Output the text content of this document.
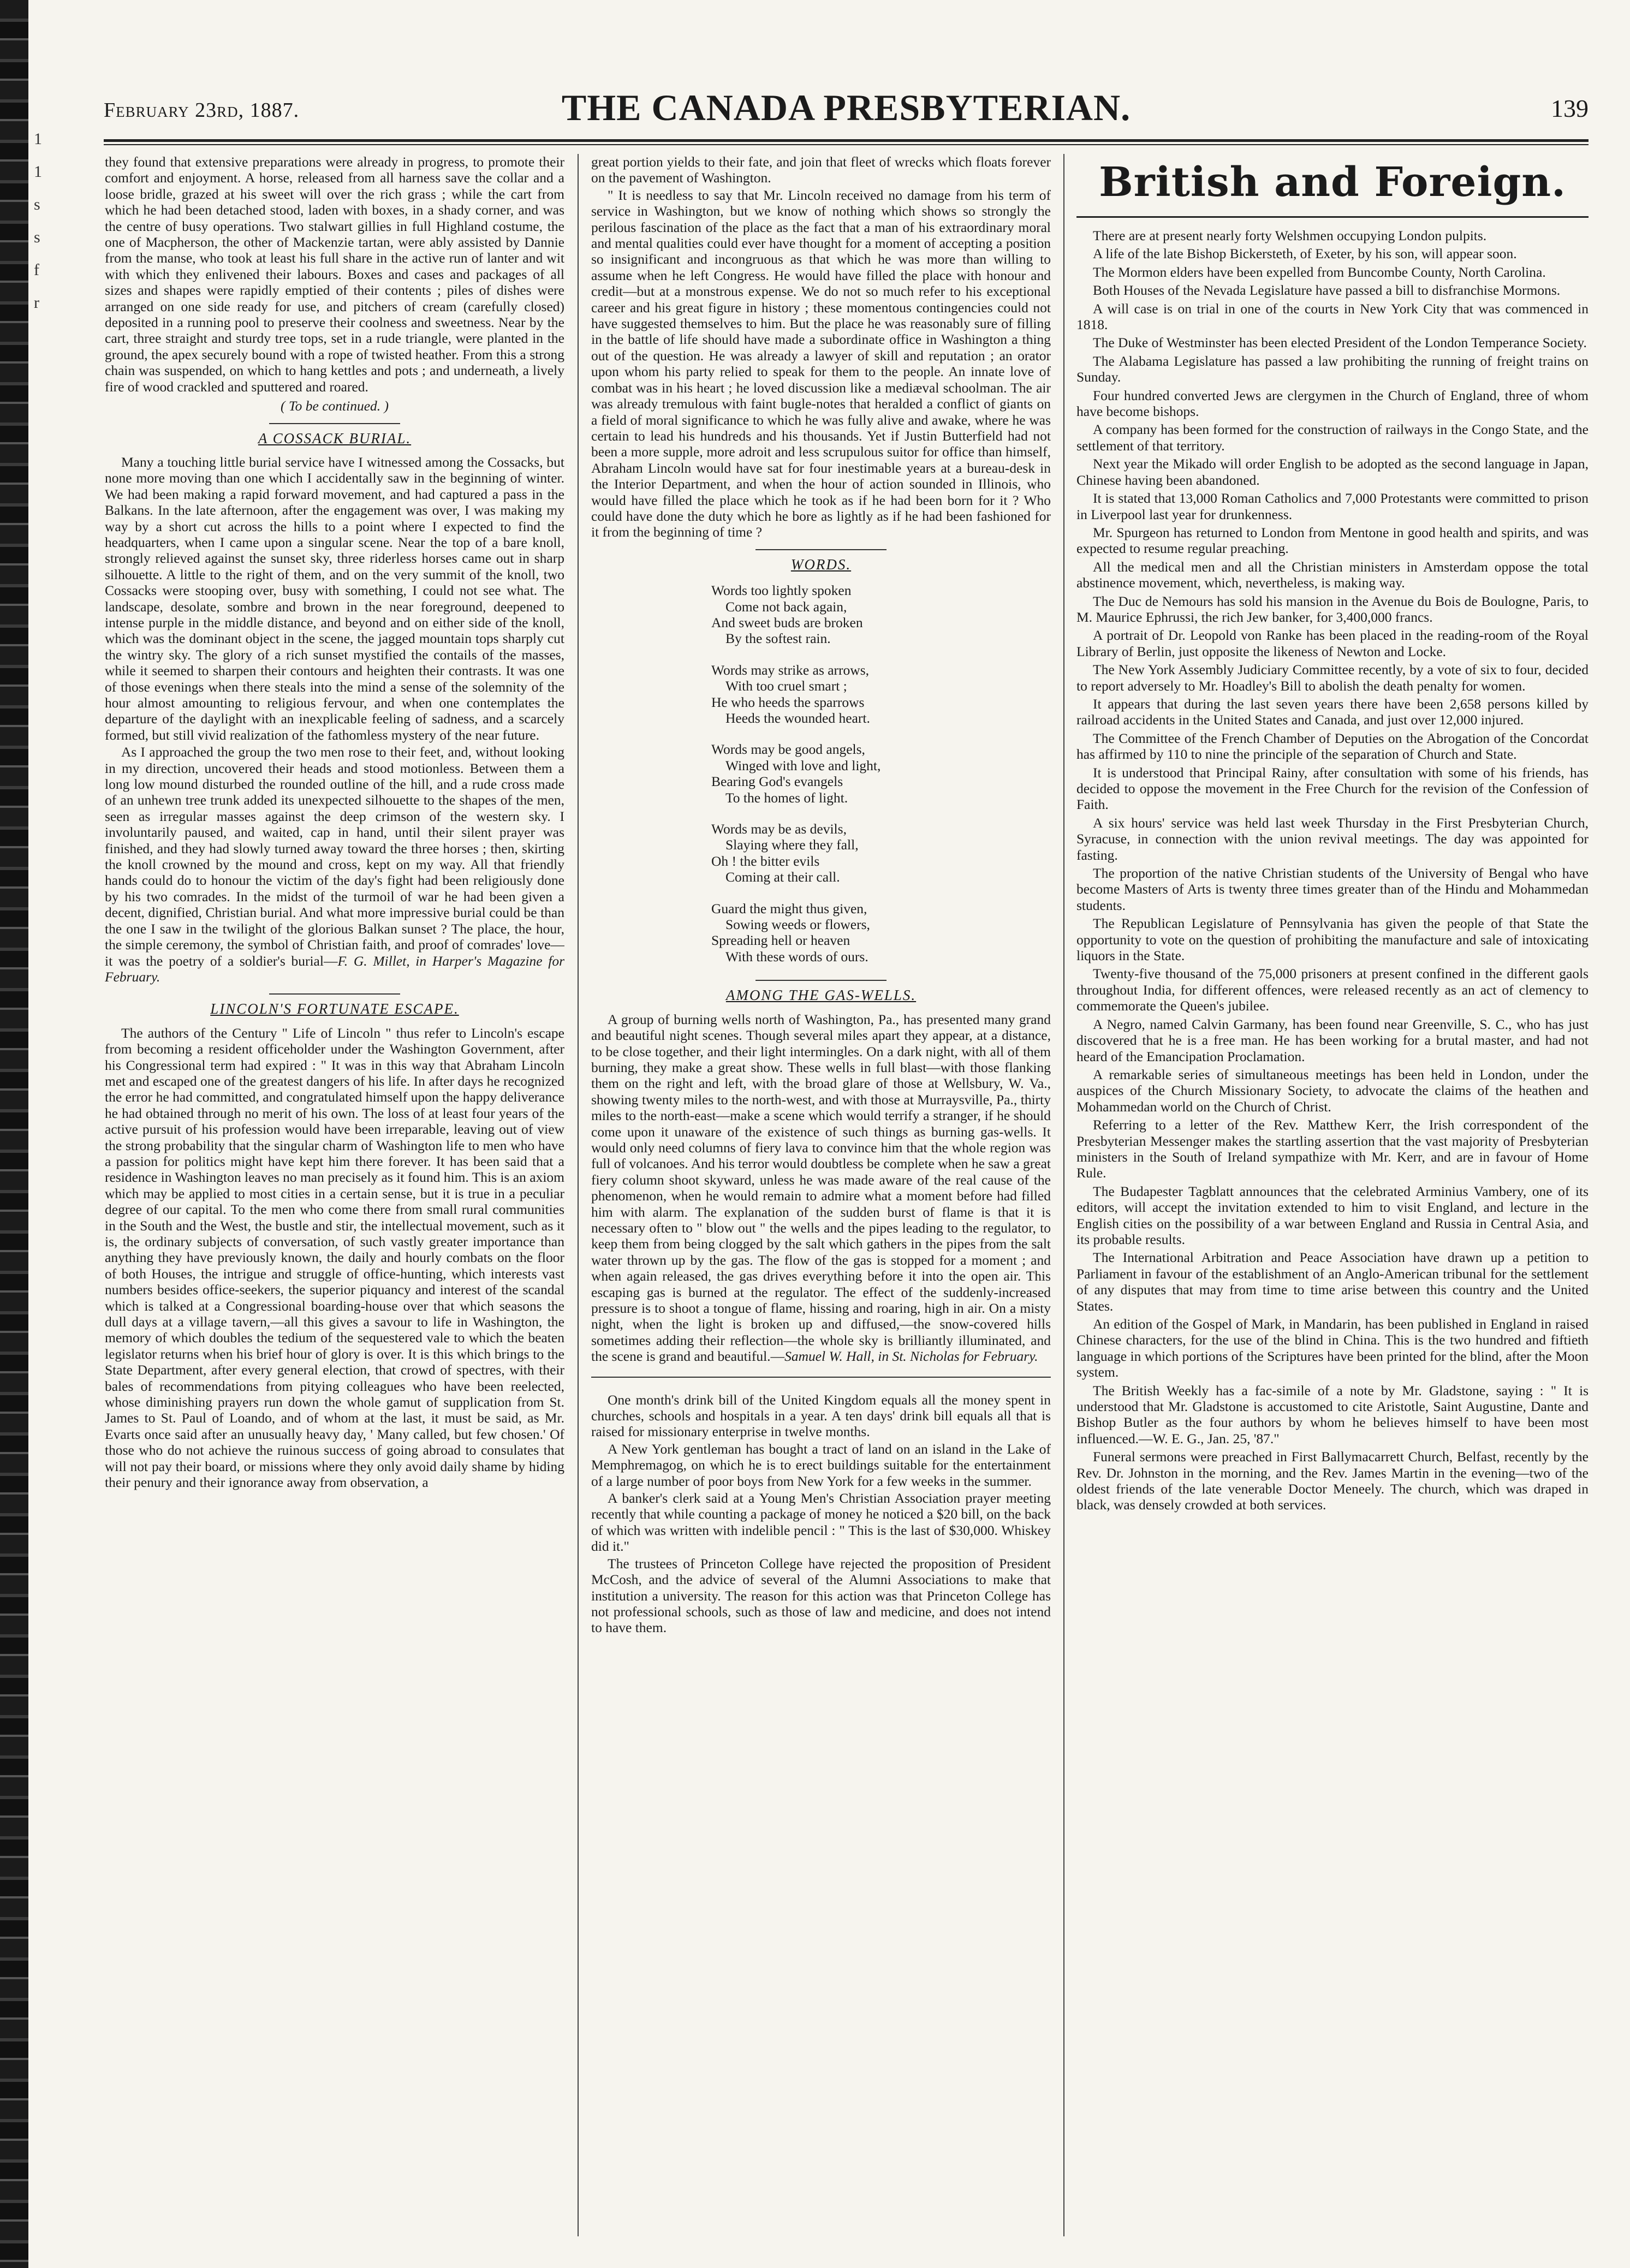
1
1
s
s
f
r
February 23rd, 1887.	THE CANADA PRESBYTERIAN.	139

they found that extensive preparations were already in progress, to promote their comfort and enjoyment. A horse, released from all harness save the collar and a loose bridle, grazed at his sweet will over the rich grass ; while the cart from which he had been detached stood, laden with boxes, in a shady corner, and was the centre of busy operations. Two stalwart gillies in full Highland costume, the one of Macpherson, the other of Mackenzie tartan, were ably assisted by Dannie from the manse, who took at least his full share in the active run of lanter and wit with which they enlivened their labours. Boxes and cases and packages of all sizes and shapes were rapidly emptied of their contents ; piles of dishes were arranged on one side ready for use, and pitchers of cream (carefully closed) deposited in a running pool to preserve their coolness and sweetness. Near by the cart, three straight and sturdy tree tops, set in a rude triangle, were planted in the ground, the apex securely bound with a rope of twisted heather. From this a strong chain was suspended, on which to hang kettles and pots ; and underneath, a lively fire of wood crackled and sputtered and roared.

( To be continued. )
A COSSACK BURIAL.

Many a touching little burial service have I witnessed among the Cossacks, but none more moving than one which I accidentally saw in the beginning of winter. We had been making a rapid forward movement, and had captured a pass in the Balkans. In the late afternoon, after the engagement was over, I was making my way by a short cut across the hills to a point where I expected to find the headquarters, when I came upon a singular scene. Near the top of a bare knoll, strongly relieved against the sunset sky, three riderless horses came out in sharp silhouette. A little to the right of them, and on the very summit of the knoll, two Cossacks were stooping over, busy with something, I could not see what. The landscape, desolate, sombre and brown in the near foreground, deepened to intense purple in the middle distance, and beyond and on either side of the knoll, which was the dominant object in the scene, the jagged mountain tops sharply cut the wintry sky. The glory of a rich sunset mystified the contails of the masses, while it seemed to sharpen their contours and heighten their contrasts. It was one of those evenings when there steals into the mind a sense of the solemnity of the hour almost amounting to religious fervour, and when one contemplates the departure of the daylight with an inexplicable feeling of sadness, and a scarcely formed, but still vivid realization of the fathomless mystery of the near future.

As I approached the group the two men rose to their feet, and, without looking in my direction, uncovered their heads and stood motionless. Between them a long low mound disturbed the rounded outline of the hill, and a rude cross made of an unhewn tree trunk added its unexpected silhouette to the shapes of the men, seen as irregular masses against the deep crimson of the western sky. I involuntarily paused, and waited, cap in hand, until their silent prayer was finished, and they had slowly turned away toward the three horses ; then, skirting the knoll crowned by the mound and cross, kept on my way. All that friendly hands could do to honour the victim of the day's fight had been religiously done by his two comrades. In the midst of the turmoil of war he had been given a decent, dignified, Christian burial. And what more impressive burial could be than the one I saw in the twilight of the glorious Balkan sunset ? The place, the hour, the simple ceremony, the symbol of Christian faith, and proof of comrades' love—it was the poetry of a soldier's burial—F. G. Millet, in Harper's Magazine for February.

LINCOLN'S FORTUNATE ESCAPE.

The authors of the Century " Life of Lincoln " thus refer to Lincoln's escape from becoming a resident officeholder under the Washington Government, after his Congressional term had expired : " It was in this way that Abraham Lincoln met and escaped one of the greatest dangers of his life. In after days he recognized the error he had committed, and congratulated himself upon the happy deliverance he had obtained through no merit of his own. The loss of at least four years of the active pursuit of his profession would have been irreparable, leaving out of view the strong probability that the singular charm of Washington life to men who have a passion for politics might have kept him there forever. It has been said that a residence in Washington leaves no man precisely as it found him. This is an axiom which may be applied to most cities in a certain sense, but it is true in a peculiar degree of our capital. To the men who come there from small rural communities in the South and the West, the bustle and stir, the intellectual movement, such as it is, the ordinary subjects of conversation, of such vastly greater importance than anything they have previously known, the daily and hourly combats on the floor of both Houses, the intrigue and struggle of office-hunting, which interests vast numbers besides office-seekers, the superior piquancy and interest of the scandal which is talked at a Congressional boarding-house over that which seasons the dull days at a village tavern,—all this gives a savour to life in Washington, the memory of which doubles the tedium of the sequestered vale to which the beaten legislator returns when his brief hour of glory is over. It is this which brings to the State Department, after every general election, that crowd of spectres, with their bales of recommendations from pitying colleagues who have been reelected, whose diminishing prayers run down the whole gamut of supplication from St. James to St. Paul of Loando, and of whom at the last, it must be said, as Mr. Evarts once said after an unusually heavy day, ' Many called, but few chosen.' Of those who do not achieve the ruinous success of going abroad to consulates that will not pay their board, or missions where they only avoid daily shame by hiding their penury and their ignorance away from observation, a

great portion yields to their fate, and join that fleet of wrecks which floats forever on the pavement of Washington.

" It is needless to say that Mr. Lincoln received no damage from his term of service in Washington, but we know of nothing which shows so strongly the perilous fascination of the place as the fact that a man of his extraordinary moral and mental qualities could ever have thought for a moment of accepting a position so insignificant and incongruous as that which he was more than willing to assume when he left Congress. He would have filled the place with honour and credit—but at a monstrous expense. We do not so much refer to his exceptional career and his great figure in history ; these momentous contingencies could not have suggested themselves to him. But the place he was reasonably sure of filling in the battle of life should have made a subordinate office in Washington a thing out of the question. He was already a lawyer of skill and reputation ; an orator upon whom his party relied to speak for them to the people. An innate love of combat was in his heart ; he loved discussion like a mediæval schoolman. The air was already tremulous with faint bugle-notes that heralded a conflict of giants on a field of moral significance to which he was fully alive and awake, where he was certain to lead his hundreds and his thousands. Yet if Justin Butterfield had not been a more supple, more adroit and less scrupulous suitor for office than himself, Abraham Lincoln would have sat for four inestimable years at a bureau-desk in the Interior Department, and when the hour of action sounded in Illinois, who would have filled the place which he took as if he had been born for it ? Who could have done the duty which he bore as lightly as if he had been fashioned for it from the beginning of time ?

WORDS.
Words too lightly spoken
Come not back again,
And sweet buds are broken
By the softest rain.
Words may strike as arrows,
With too cruel smart ;
He who heeds the sparrows
Heeds the wounded heart.
Words may be good angels,
Winged with love and light,
Bearing God's evangels
To the homes of light.
Words may be as devils,
Slaying where they fall,
Oh ! the bitter evils
Coming at their call.
Guard the might thus given,
Sowing weeds or flowers,
Spreading hell or heaven
With these words of ours.
AMONG THE GAS-WELLS.

A group of burning wells north of Washington, Pa., has presented many grand and beautiful night scenes. Though several miles apart they appear, at a distance, to be close together, and their light intermingles. On a dark night, with all of them burning, they make a great show. These wells in full blast—with those flanking them on the right and left, with the broad glare of those at Wellsbury, W. Va., showing twenty miles to the north-west, and with those at Murraysville, Pa., thirty miles to the north-east—make a scene which would terrify a stranger, if he should come upon it unaware of the existence of such things as burning gas-wells. It would only need columns of fiery lava to convince him that the whole region was full of volcanoes. And his terror would doubtless be complete when he saw a great fiery column shoot skyward, unless he was made aware of the real cause of the phenomenon, when he would remain to admire what a moment before had filled him with alarm. The explanation of the sudden burst of flame is that it is necessary often to " blow out " the wells and the pipes leading to the regulator, to keep them from being clogged by the salt which gathers in the pipes from the salt water thrown up by the gas. The flow of the gas is stopped for a moment ; and when again released, the gas drives everything before it into the open air. This escaping gas is burned at the regulator. The effect of the suddenly-increased pressure is to shoot a tongue of flame, hissing and roaring, high in air. On a misty night, when the light is broken up and diffused,—the snow-covered hills sometimes adding their reflection—the whole sky is brilliantly illuminated, and the scene is grand and beautiful.—Samuel W. Hall, in St. Nicholas for February.

One month's drink bill of the United Kingdom equals all the money spent in churches, schools and hospitals in a year. A ten days' drink bill equals all that is raised for missionary enterprise in twelve months.

A New York gentleman has bought a tract of land on an island in the Lake of Memphremagog, on which he is to erect buildings suitable for the entertainment of a large number of poor boys from New York for a few weeks in the summer.

A banker's clerk said at a Young Men's Christian Association prayer meeting recently that while counting a package of money he noticed a $20 bill, on the back of which was written with indelible pencil : " This is the last of $30,000. Whiskey did it."

The trustees of Princeton College have rejected the proposition of President McCosh, and the advice of several of the Alumni Associations to make that institution a university. The reason for this action was that Princeton College has not professional schools, such as those of law and medicine, and does not intend to have them.

British and Foreign.

There are at present nearly forty Welshmen occupying London pulpits.

A life of the late Bishop Bickersteth, of Exeter, by his son, will appear soon.

The Mormon elders have been expelled from Buncombe County, North Carolina.

Both Houses of the Nevada Legislature have passed a bill to disfranchise Mormons.

A will case is on trial in one of the courts in New York City that was commenced in 1818.

The Duke of Westminster has been elected President of the London Temperance Society.

The Alabama Legislature has passed a law prohibiting the running of freight trains on Sunday.

Four hundred converted Jews are clergymen in the Church of England, three of whom have become bishops.

A company has been formed for the construction of railways in the Congo State, and the settlement of that territory.

Next year the Mikado will order English to be adopted as the second language in Japan, Chinese having been abandoned.

It is stated that 13,000 Roman Catholics and 7,000 Protestants were committed to prison in Liverpool last year for drunkenness.

Mr. Spurgeon has returned to London from Mentone in good health and spirits, and was expected to resume regular preaching.

All the medical men and all the Christian ministers in Amsterdam oppose the total abstinence movement, which, nevertheless, is making way.

The Duc de Nemours has sold his mansion in the Avenue du Bois de Boulogne, Paris, to M. Maurice Ephrussi, the rich Jew banker, for 3,400,000 francs.

A portrait of Dr. Leopold von Ranke has been placed in the reading-room of the Royal Library of Berlin, just opposite the likeness of Newton and Locke.

The New York Assembly Judiciary Committee recently, by a vote of six to four, decided to report adversely to Mr. Hoadley's Bill to abolish the death penalty for women.

It appears that during the last seven years there have been 2,658 persons killed by railroad accidents in the United States and Canada, and just over 12,000 injured.

The Committee of the French Chamber of Deputies on the Abrogation of the Concordat has affirmed by 110 to nine the principle of the separation of Church and State.

It is understood that Principal Rainy, after consultation with some of his friends, has decided to oppose the movement in the Free Church for the revision of the Confession of Faith.

A six hours' service was held last week Thursday in the First Presbyterian Church, Syracuse, in connection with the union revival meetings. The day was appointed for fasting.

The proportion of the native Christian students of the University of Bengal who have become Masters of Arts is twenty three times greater than of the Hindu and Mohammedan students.

The Republican Legislature of Pennsylvania has given the people of that State the opportunity to vote on the question of prohibiting the manufacture and sale of intoxicating liquors in the State.

Twenty-five thousand of the 75,000 prisoners at present confined in the different gaols throughout India, for different offences, were released recently as an act of clemency to commemorate the Queen's jubilee.

A Negro, named Calvin Garmany, has been found near Greenville, S. C., who has just discovered that he is a free man. He has been working for a brutal master, and had not heard of the Emancipation Proclamation.

A remarkable series of simultaneous meetings has been held in London, under the auspices of the Church Missionary Society, to advocate the claims of the heathen and Mohammedan world on the Church of Christ.

Referring to a letter of the Rev. Matthew Kerr, the Irish correspondent of the Presbyterian Messenger makes the startling assertion that the vast majority of Presbyterian ministers in the South of Ireland sympathize with Mr. Kerr, and are in favour of Home Rule.

The Budapester Tagblatt announces that the celebrated Arminius Vambery, one of its editors, will accept the invitation extended to him to visit England, and lecture in the English cities on the possibility of a war between England and Russia in Central Asia, and its probable results.

The International Arbitration and Peace Association have drawn up a petition to Parliament in favour of the establishment of an Anglo-American tribunal for the settlement of any disputes that may from time to time arise between this country and the United States.

An edition of the Gospel of Mark, in Mandarin, has been published in England in raised Chinese characters, for the use of the blind in China. This is the two hundred and fiftieth language in which portions of the Scriptures have been printed for the blind, after the Moon system.

The British Weekly has a fac-simile of a note by Mr. Gladstone, saying : " It is understood that Mr. Gladstone is accustomed to cite Aristotle, Saint Augustine, Dante and Bishop Butler as the four authors by whom he believes himself to have been most influenced.—W. E. G., Jan. 25, '87."

Funeral sermons were preached in First Ballymacarrett Church, Belfast, recently by the Rev. Dr. Johnston in the morning, and the Rev. James Martin in the evening—two of the oldest friends of the late venerable Doctor Meneely. The church, which was draped in black, was densely crowded at both services.
